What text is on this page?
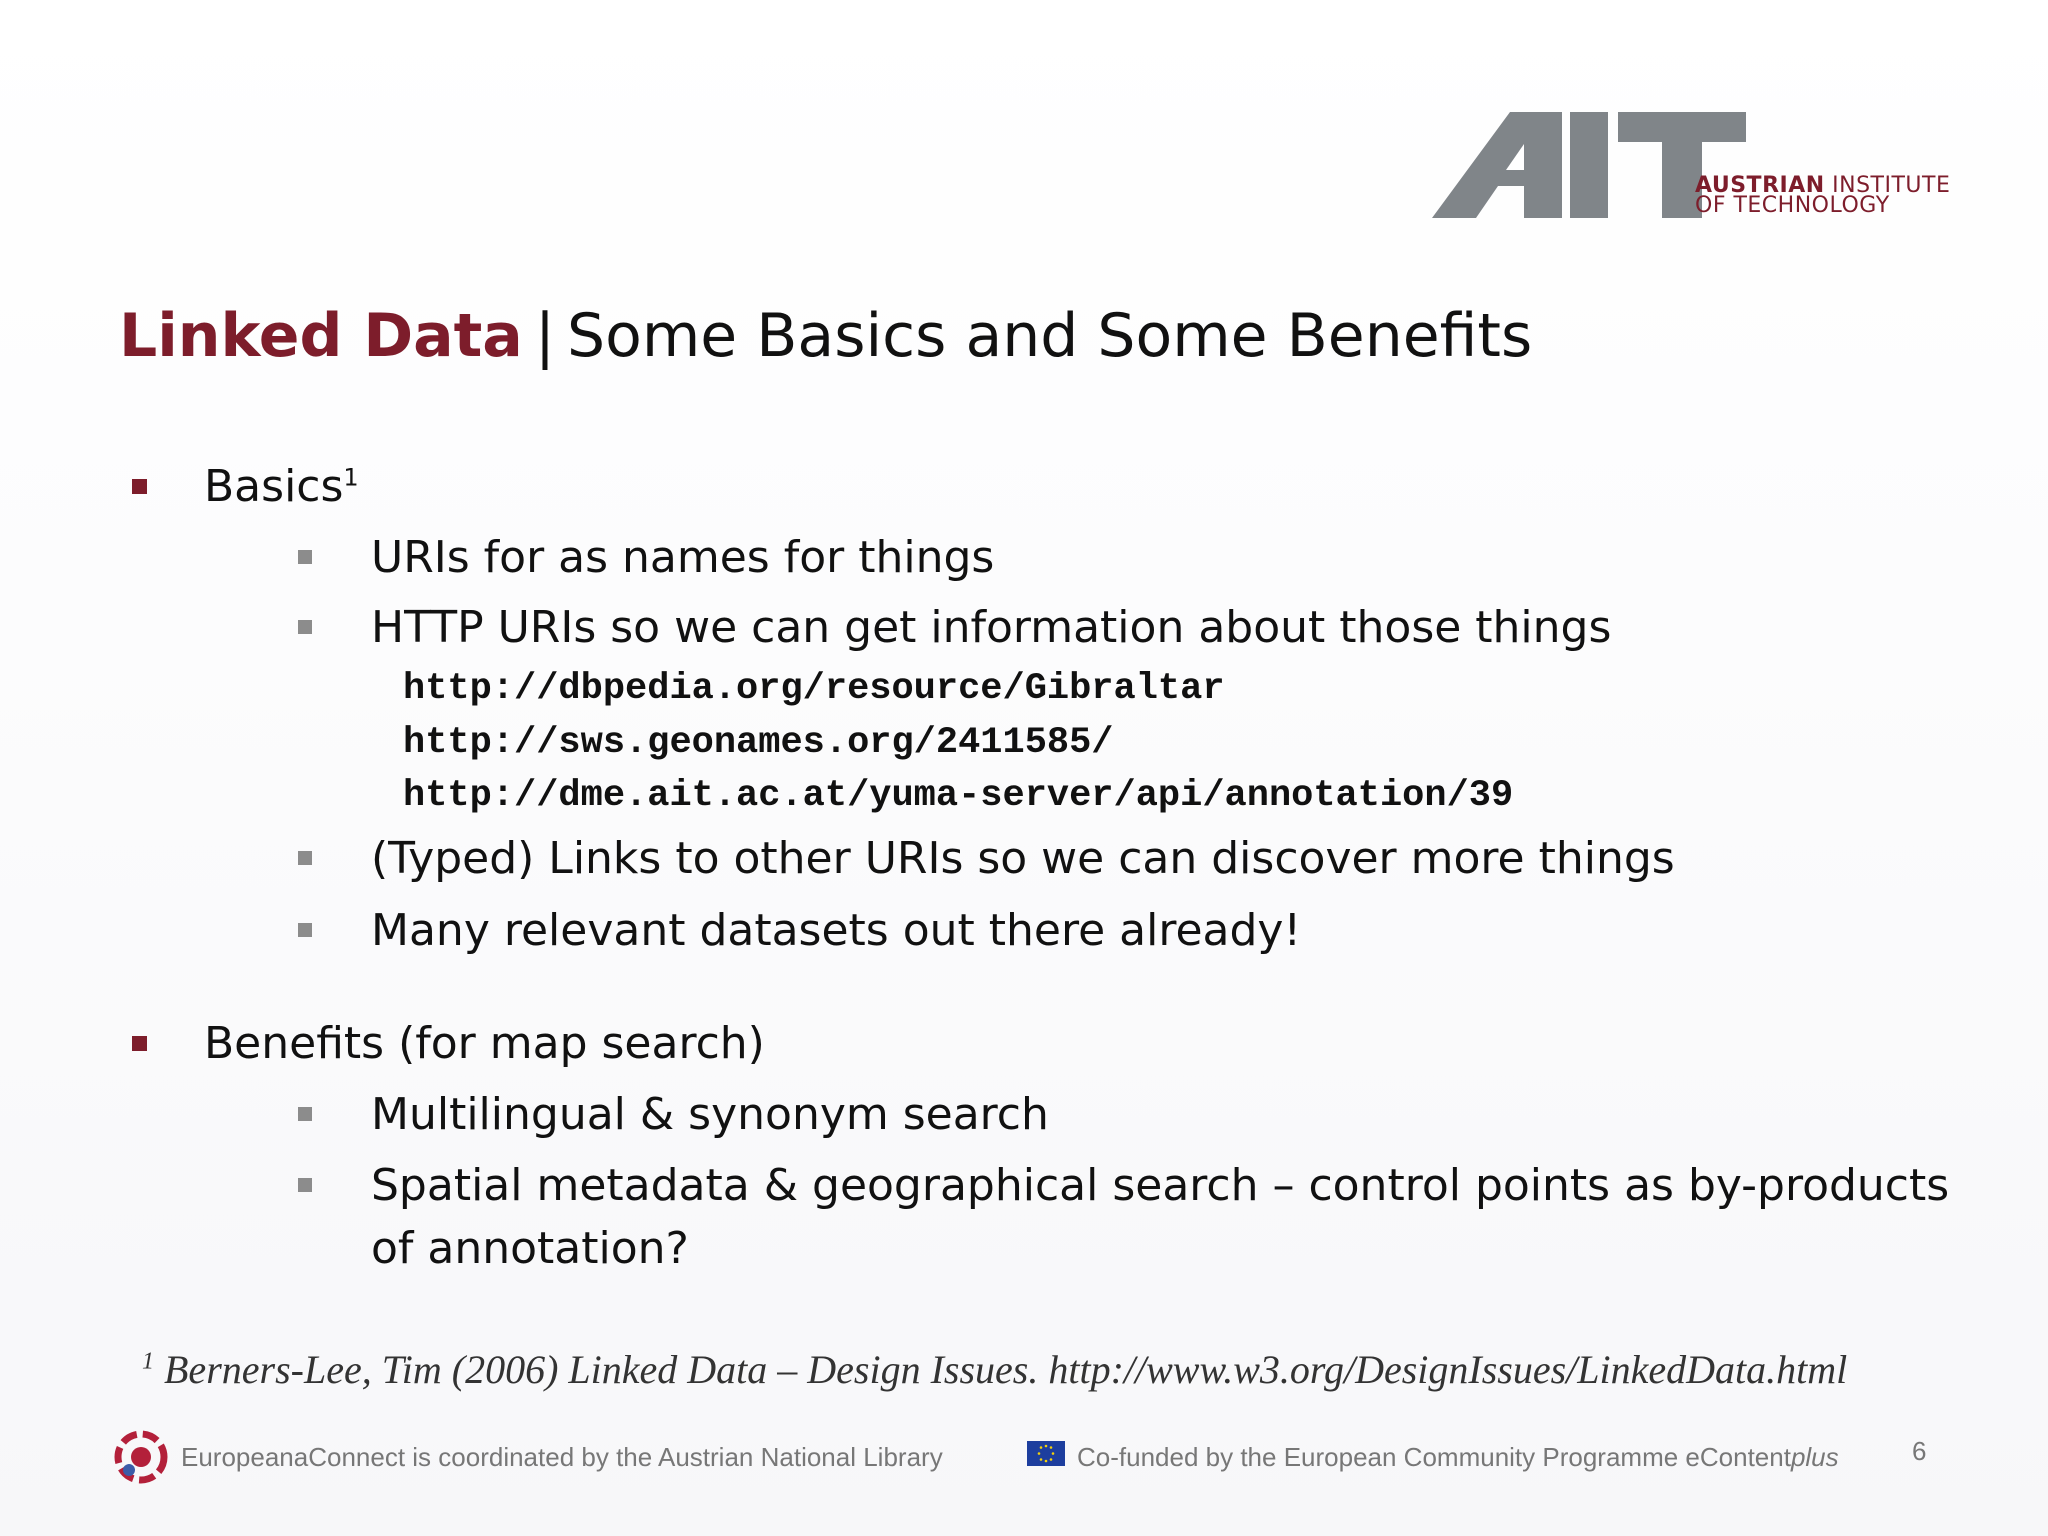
AUSTRIAN INSTITUTE
OF TECHNOLOGY
Linked Data | Some Basics and Some Benefits
Basics$^1$
URIs for as names for things
HTTP URIs so we can get information about those things
http://dbpedia.org/resource/Gibraltar
http://sws.geonames.org/2411585/
http://dme.ait.ac.at/yuma-server/api/annotation/39
(Typed) Links to other URIs so we can discover more things
Many relevant datasets out there already!
Benefits (for map search)
Multilingual & synonym search
Spatial metadata & geographical search – control points as by-products
of annotation?
$^1$ Berners-Lee, Tim (2006) Linked Data – Design Issues. http://www.w3.org/DesignIssues/LinkedData.html
EuropeanaConnect is coordinated by the Austrian National Library	Co-funded by the European Community Programme eContentplus	6
